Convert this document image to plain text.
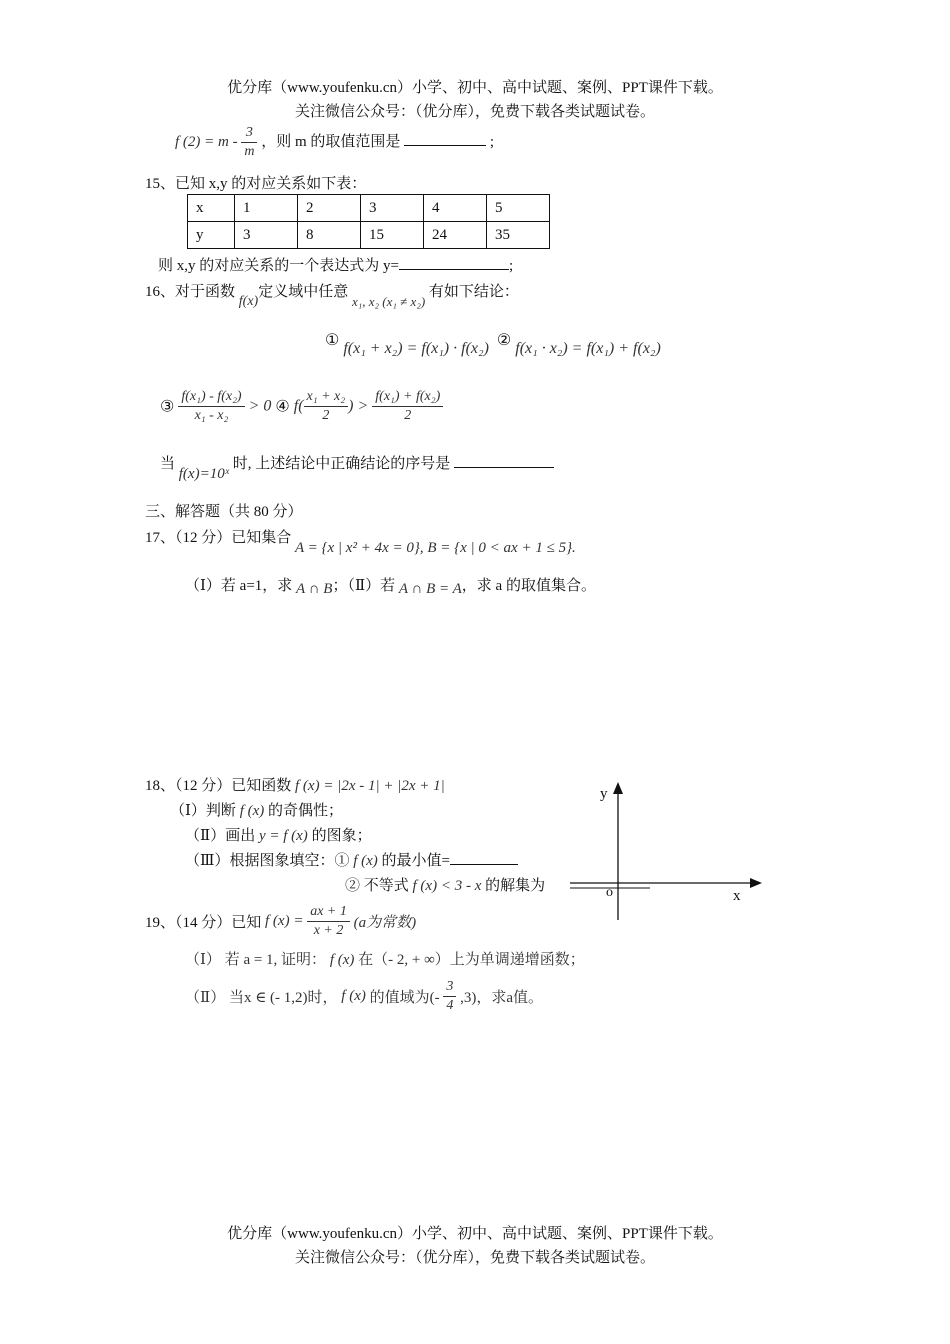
优分库（www.youfenku.cn）小学、初中、高中试题、案例、PPT课件下载。
关注微信公众号：（优分库），免费下载各类试题试卷。
f $(2) = m - \frac{3}{m}$ ，则 m 的取值范围是	;
15、已知 x,y 的对应关系如下表：
x	1	2	3	4	5
y	3	8	15	24	35
则 x,y 的对应关系的一个表达式为 y=	;
16、对于函数 f(x)定义域中任意 x₁, x₂ (x₁ ≠ x₂) 有如下结论：
① f(x₁ + x₂) = f(x₁) · f(x₂) ② f(x₁ · x₂) = f(x₁) + f(x₂)
③ $\frac{\text{f(x₁) - f(x₂)}}{\text{x₁ - x₂}} > 0$ ④ $f( \frac{\text{x₁ + x₂}}{2}$ ) > $\frac{\text{f(x₁) + f(x₂)}}{2}$
当 f(x)=10ˣ 时, 上述结论中正确结论的序号是
三、解答题（共 80 分）
17、（12 分）已知集合 A = {x | x² + 4x = 0}, B = {x | 0 < ax + 1 ≤ 5}.
（Ⅰ）若 a=1，求 A ∩ B；（Ⅱ）若 A ∩ B = A，求 a 的取值集合。
18、（12 分）已知函数 f (x) = |2x - 1| + |2x + 1|
（Ⅰ）判断 f (x) 的奇偶性；
（Ⅱ）画出 y = f (x) 的图象；
（Ⅲ）根据图象填空：① f (x) 的最小值=
② 不等式 f (x) < 3 - x 的解集为
y
x
o
19、（14 分）已知 f $(x) = \frac{ax + 1}{x + 2} (a$为常数)
（Ⅰ） 若 a = 1, 证明： f (x) 在（- 2, + ∞）上为单调递增函数；
（Ⅱ） 当x ∈ (- 1,2)时， f (x) 的值域为(- $\frac{3}{4} ,3$)，求a值。
优分库（www.youfenku.cn）小学、初中、高中试题、案例、PPT课件下载。
关注微信公众号：（优分库），免费下载各类试题试卷。
